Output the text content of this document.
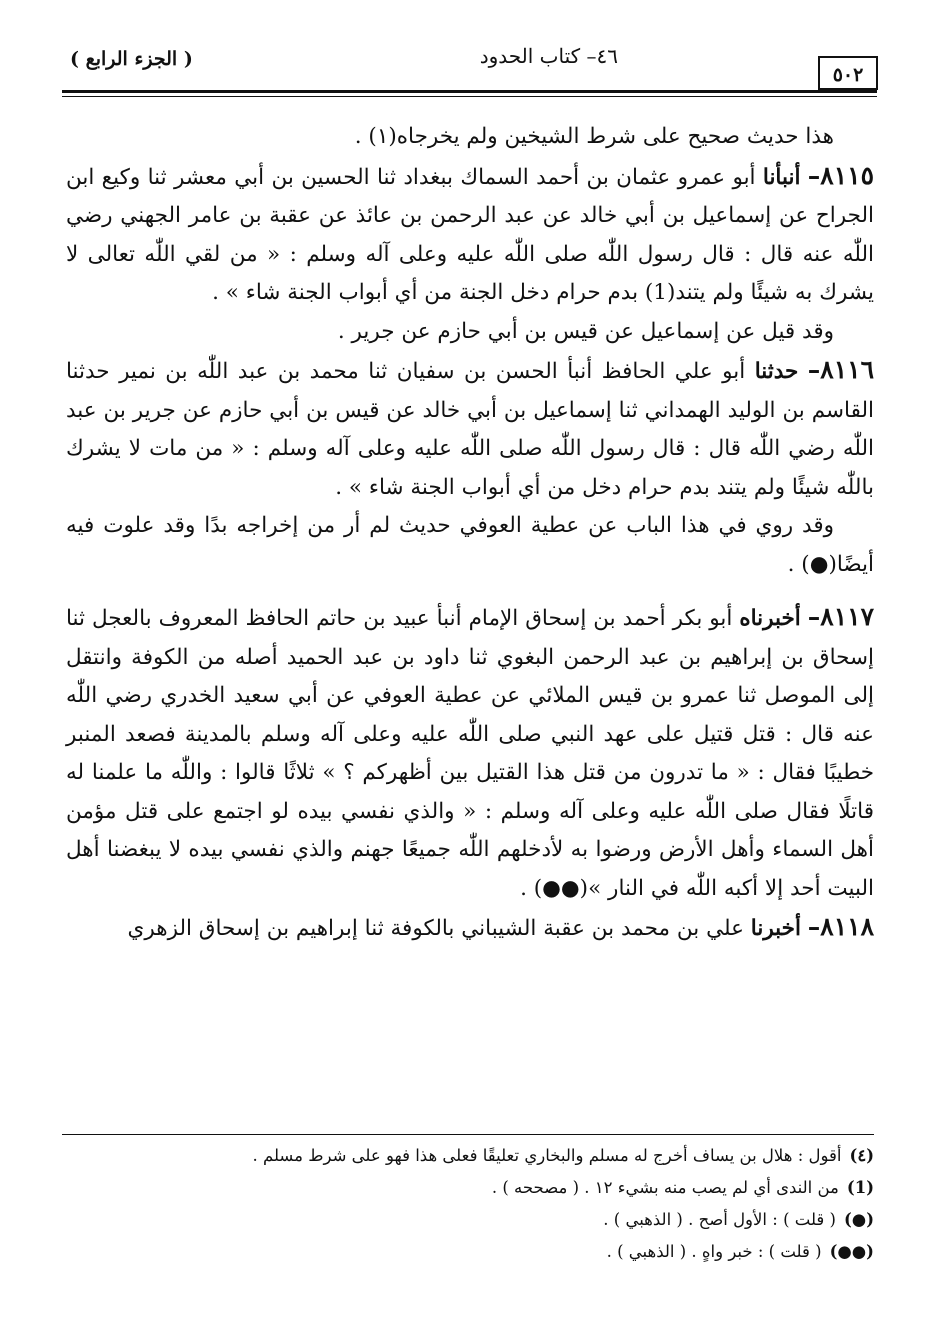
٥٠٢
٤٦– كتاب الحدود
( الجزء الرابع )

هذا حديث صحيح على شرط الشيخين ولم يخرجاه(١) .

٨١١٥– أنبأنا أبو عمرو عثمان بن أحمد السماك ببغداد ثنا الحسين بن أبي معشر ثنا وكيع ابن الجراح عن إسماعيل بن أبي خالد عن عبد الرحمن بن عائذ عن عقبة بن عامر الجهني رضي اللّٰه عنه قال : قال رسول اللّٰه صلى اللّٰه عليه وعلى آله وسلم : « من لقي اللّٰه تعالى لا يشرك به شيئًا ولم يتند(1) بدم حرام دخل الجنة من أي أبواب الجنة شاء » .

وقد قيل عن إسماعيل عن قيس بن أبي حازم عن جرير .

٨١١٦– حدثنا أبو علي الحافظ أنبأ الحسن بن سفيان ثنا محمد بن عبد اللّٰه بن نمير حدثنا القاسم بن الوليد الهمداني ثنا إسماعيل بن أبي خالد عن قيس بن أبي حازم عن جرير بن عبد اللّٰه رضي اللّٰه قال : قال رسول اللّٰه صلى اللّٰه عليه وعلى آله وسلم : « من مات لا يشرك باللّٰه شيئًا ولم يتند بدم حرام دخل من أي أبواب الجنة شاء » .

وقد روي في هذا الباب عن عطية العوفي حديث لم أر من إخراجه بدًا وقد علوت فيه أيضًا(●) .

٨١١٧– أخبرناه أبو بكر أحمد بن إسحاق الإمام أنبأ عبيد بن حاتم الحافظ المعروف بالعجل ثنا إسحاق بن إبراهيم بن عبد الرحمن البغوي ثنا داود بن عبد الحميد أصله من الكوفة وانتقل إلى الموصل ثنا عمرو بن قيس الملائي عن عطية العوفي عن أبي سعيد الخدري رضي اللّٰه عنه قال : قتل قتيل على عهد النبي صلى اللّٰه عليه وعلى آله وسلم بالمدينة فصعد المنبر خطيبًا فقال : « ما تدرون من قتل هذا القتيل بين أظهركم ؟ » ثلاثًا قالوا : واللّٰه ما علمنا له قاتلًا فقال صلى اللّٰه عليه وعلى آله وسلم : « والذي نفسي بيده لو اجتمع على قتل مؤمن أهل السماء وأهل الأرض ورضوا به لأدخلهم اللّٰه جميعًا جهنم والذي نفسي بيده لا يبغضنا أهل البيت أحد إلا أكبه اللّٰه في النار »(●●) .

٨١١٨– أخبرنا علي بن محمد بن عقبة الشيباني بالكوفة ثنا إبراهيم بن إسحاق الزهري

(٤)أقول : هلال بن يساف أخرج له مسلم والبخاري تعليقًا فعلى هذا فهو على شرط مسلم .

(1)من الندى أي لم يصب منه بشيء ١٢ . ( مصححه ) .

(●)( قلت ) : الأول أصح . ( الذهبي ) .

(●●)( قلت ) : خبر واهٍ . ( الذهبي ) .
